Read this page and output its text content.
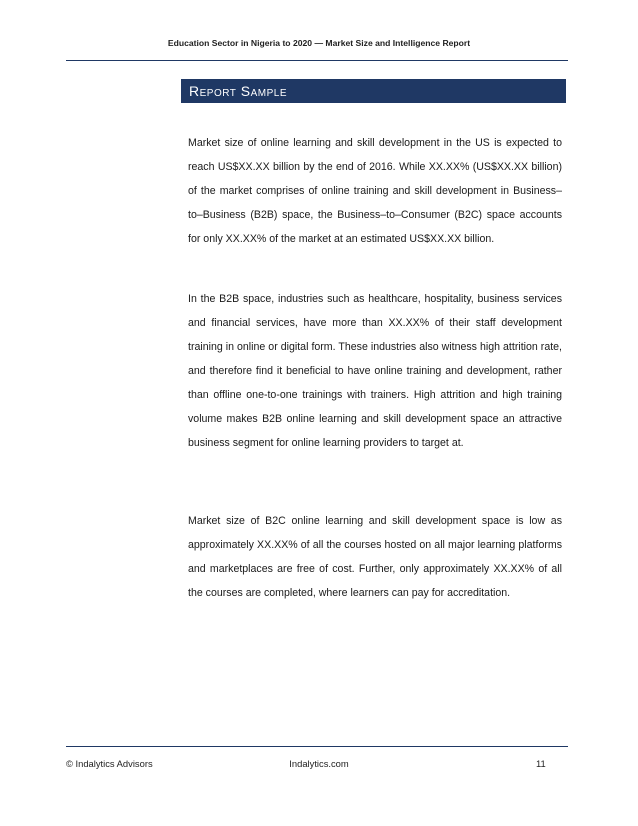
Education Sector in Nigeria to 2020 — Market Size and Intelligence Report
Report Sample

Market size of online learning and skill development in the US is expected to reach US$XX.XX billion by the end of 2016. While XX.XX% (US$XX.XX billion) of the market comprises of online training and skill development in Business–to–Business (B2B) space, the Business–to–Consumer (B2C) space accounts for only XX.XX% of the market at an estimated US$XX.XX billion.

In the B2B space, industries such as healthcare, hospitality, business services and financial services, have more than XX.XX% of their staff development training in online or digital form. These industries also witness high attrition rate, and therefore find it beneficial to have online training and development, rather than offline one-to-one trainings with trainers. High attrition and high training volume makes B2B online learning and skill development space an attractive business segment for online learning providers to target at.

Market size of B2C online learning and skill development space is low as approximately XX.XX% of all the courses hosted on all major learning platforms and marketplaces are free of cost. Further, only approximately XX.XX% of all the courses are completed, where learners can pay for accreditation.

© Indalytics Advisors	Indalytics.com	11
